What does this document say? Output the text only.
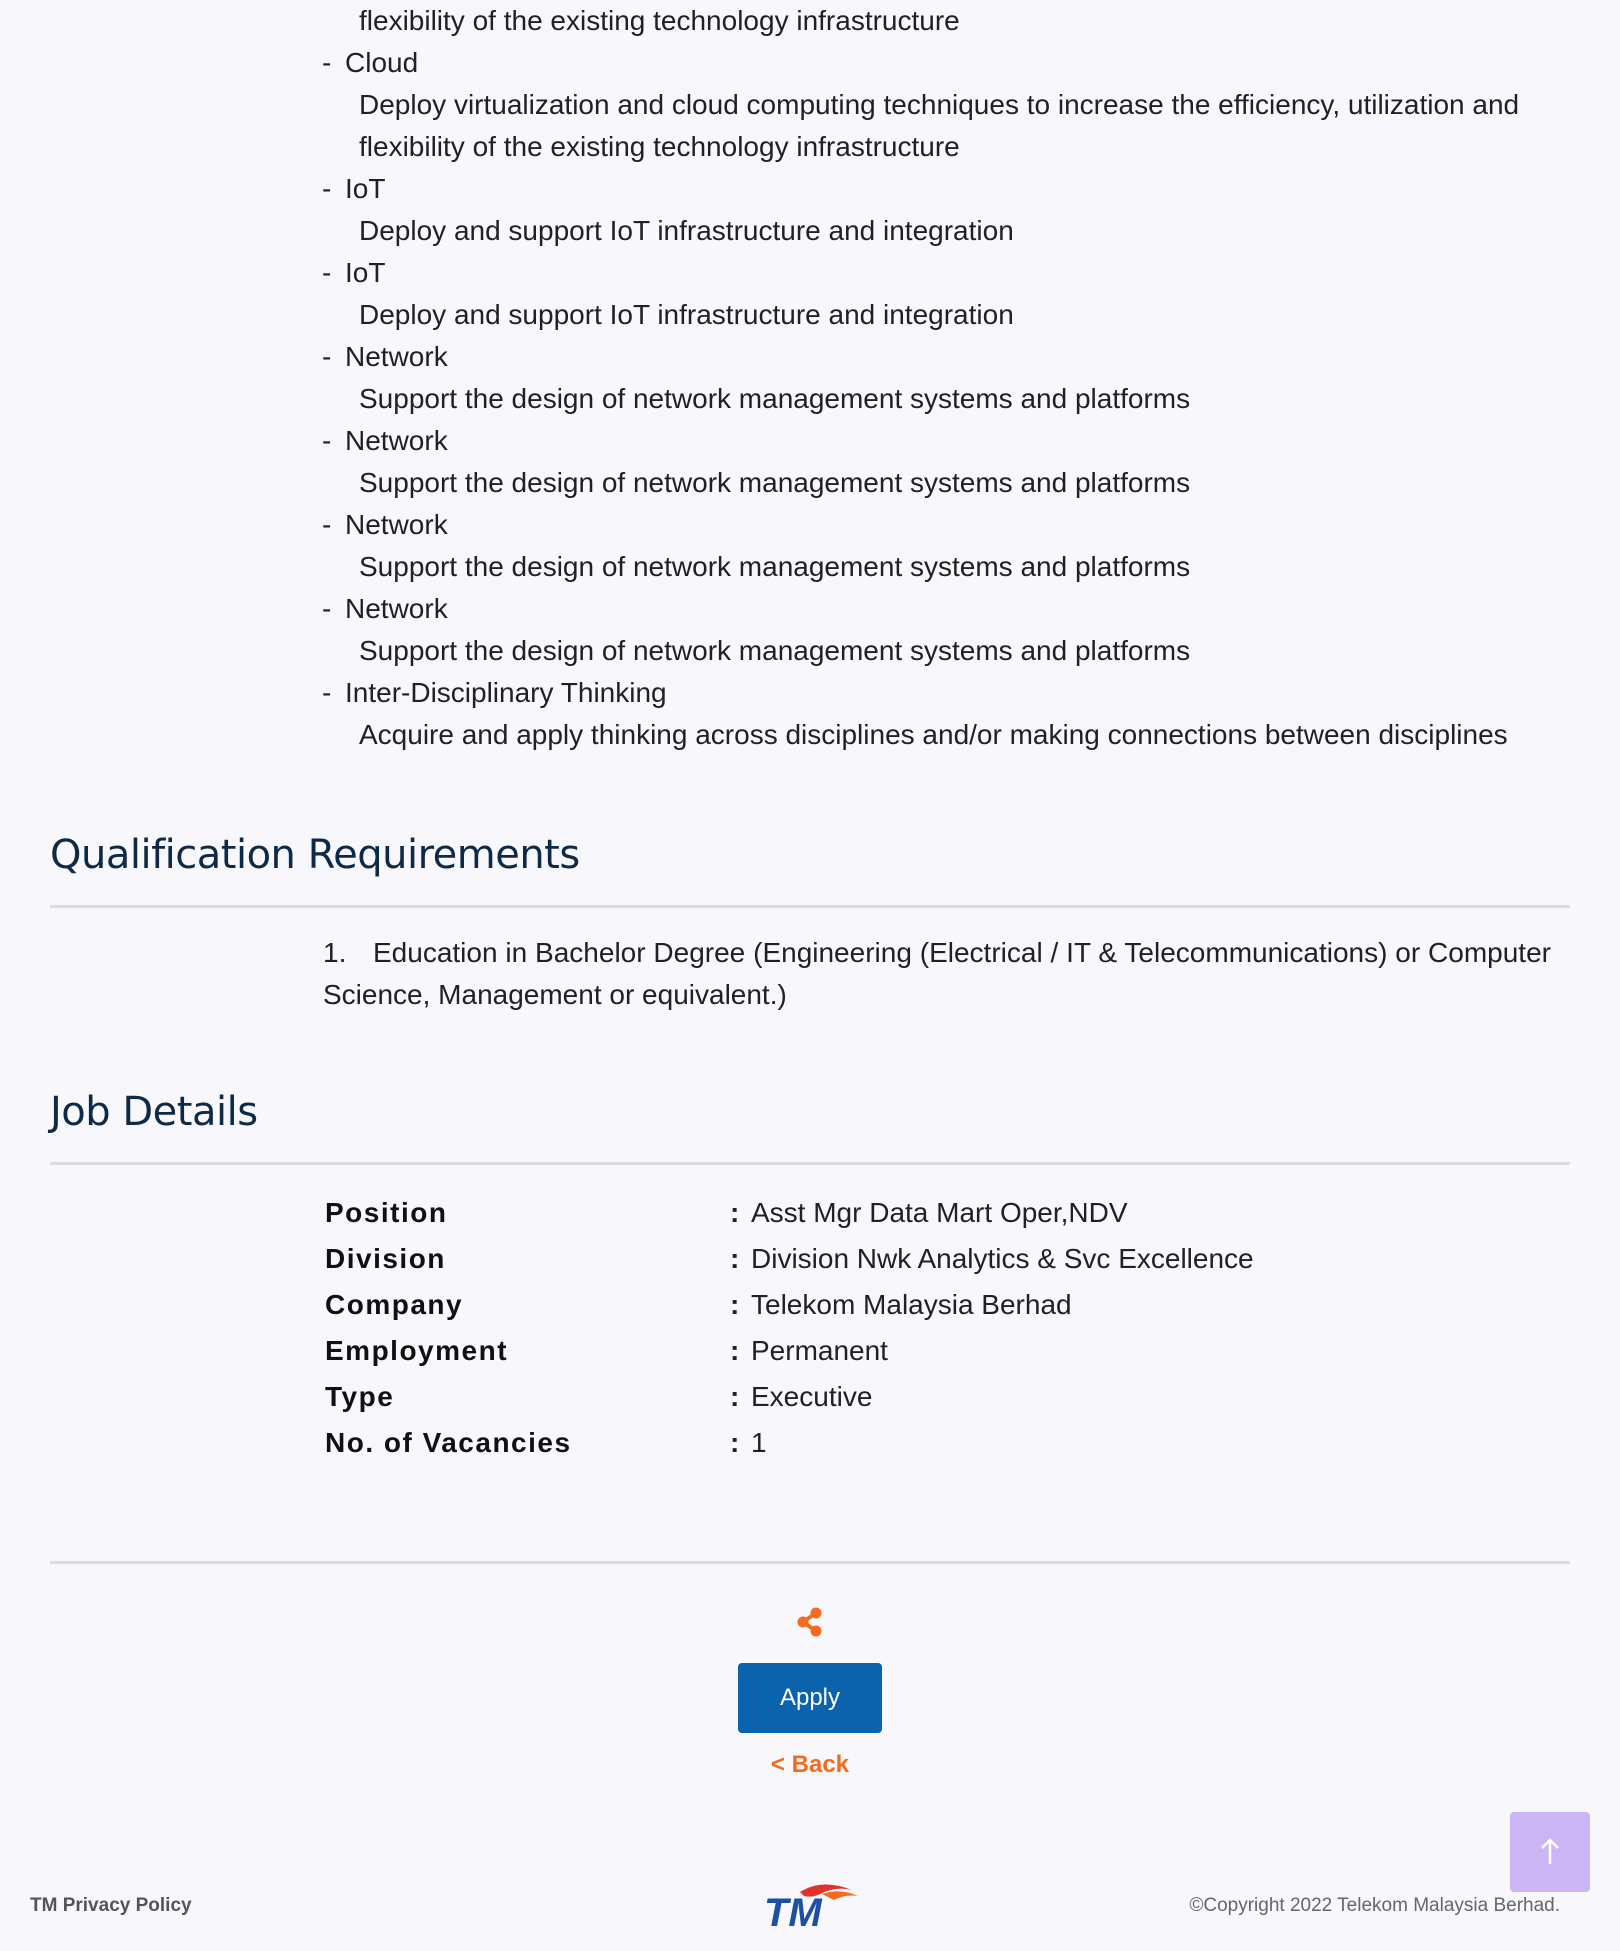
flexibility of the existing technology infrastructure
- Cloud
Deploy virtualization and cloud computing techniques to increase the efficiency, utilization and
flexibility of the existing technology infrastructure
- IoT
Deploy and support IoT infrastructure and integration
- IoT
Deploy and support IoT infrastructure and integration
- Network
Support the design of network management systems and platforms
- Network
Support the design of network management systems and platforms
- Network
Support the design of network management systems and platforms
- Network
Support the design of network management systems and platforms
- Inter-Disciplinary Thinking
Acquire and apply thinking across disciplines and/or making connections between disciplines
Qualification Requirements
1. Education in Bachelor Degree (Engineering (Electrical / IT & Telecommunications) or Computer Science, Management or equivalent.)
Job Details
Position	: Asst Mgr Data Mart Oper,NDV
Division	: Division Nwk Analytics & Svc Excellence
Company	: Telekom Malaysia Berhad
Employment	: Permanent
Type	: Executive
No. of Vacancies	: 1
Apply
< Back
TM Privacy Policy	TM	©Copyright 2022 Telekom Malaysia Berhad.
